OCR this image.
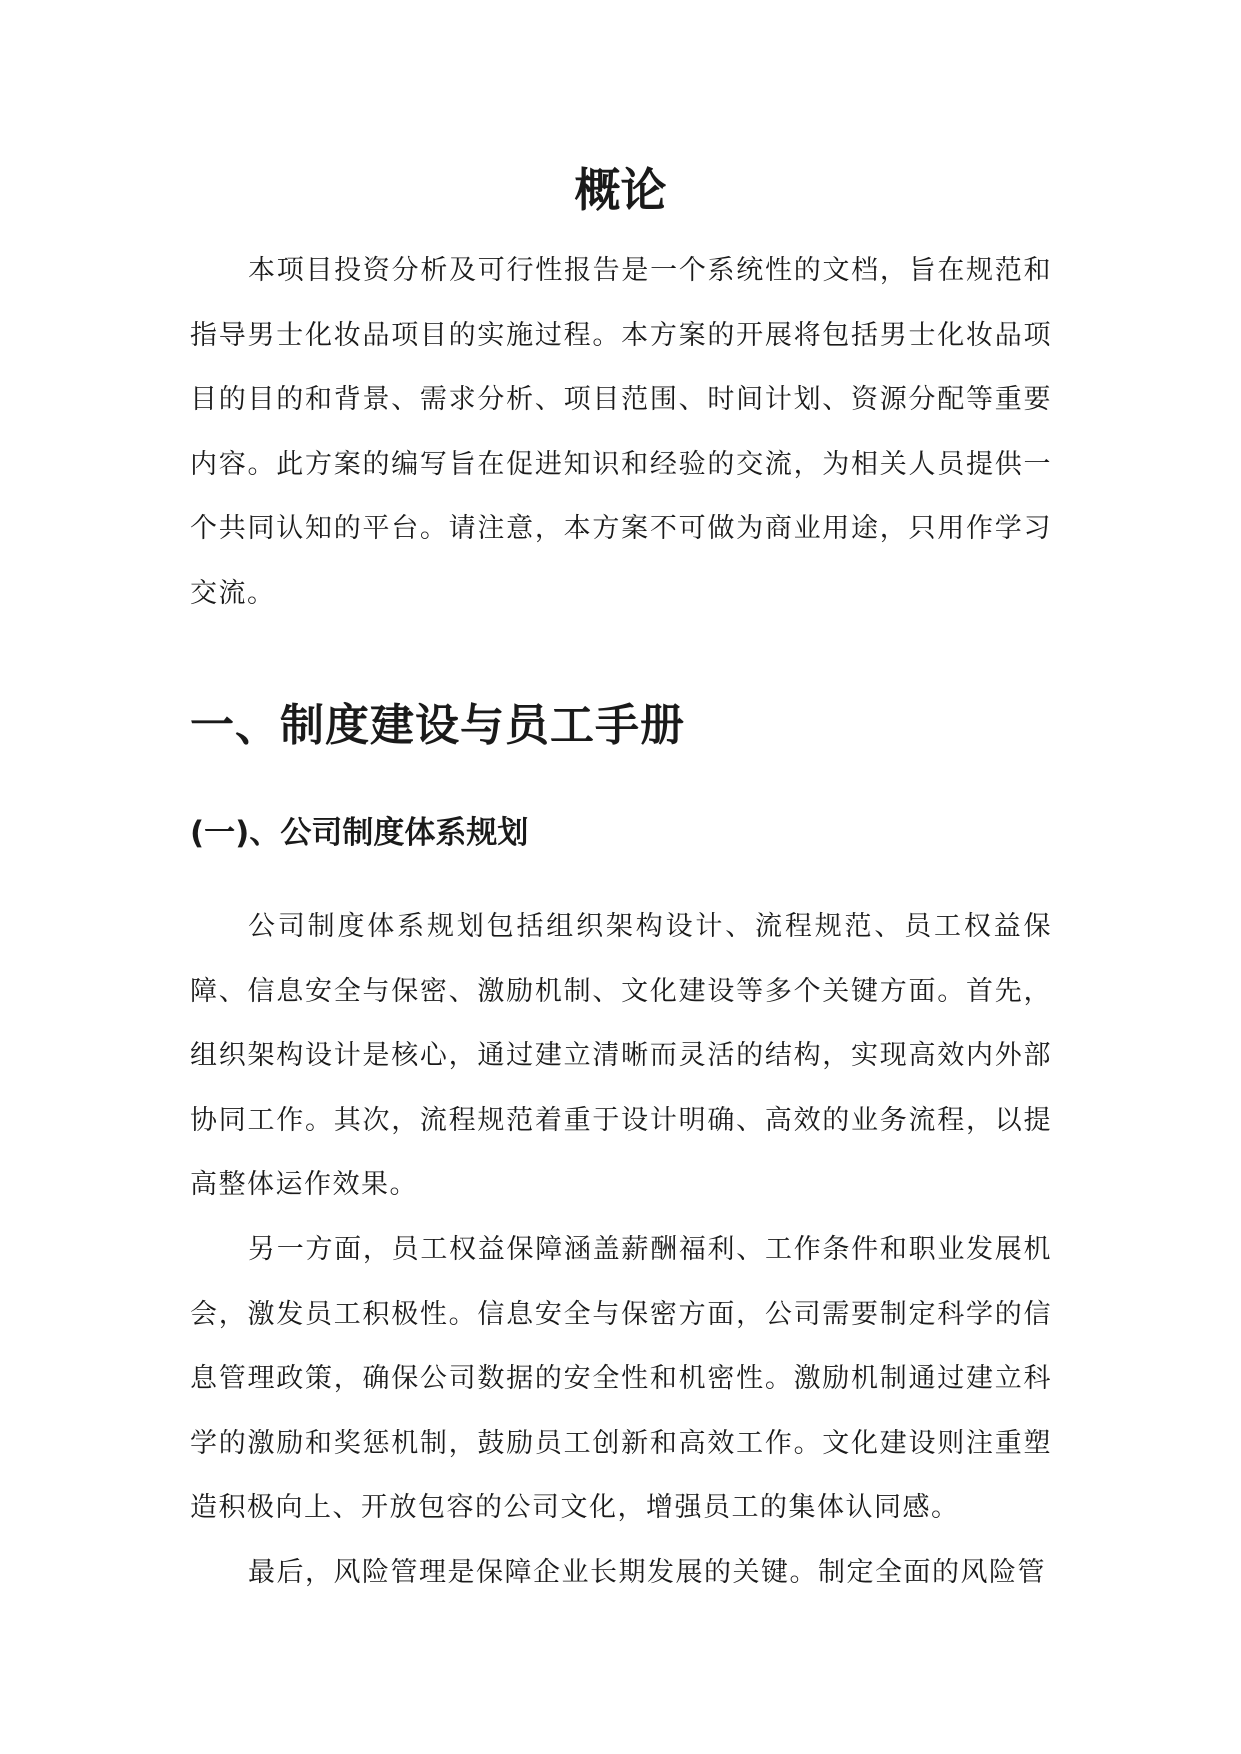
概论

本项目投资分析及可行性报告是一个系统性的文档，旨在规范和指导男士化妆品项目的实施过程。本方案的开展将包括男士化妆品项目的目的和背景、需求分析、项目范围、时间计划、资源分配等重要内容。此方案的编写旨在促进知识和经验的交流，为相关人员提供一个共同认知的平台。请注意，本方案不可做为商业用途，只用作学习交流。

一、制度建设与员工手册
(一)、公司制度体系规划

公司制度体系规划包括组织架构设计、流程规范、员工权益保障、信息安全与保密、激励机制、文化建设等多个关键方面。首先，组织架构设计是核心，通过建立清晰而灵活的结构，实现高效内外部协同工作。其次，流程规范着重于设计明确、高效的业务流程，以提高整体运作效果。

另一方面，员工权益保障涵盖薪酬福利、工作条件和职业发展机会，激发员工积极性。信息安全与保密方面，公司需要制定科学的信息管理政策，确保公司数据的安全性和机密性。激励机制通过建立科学的激励和奖惩机制，鼓励员工创新和高效工作。文化建设则注重塑造积极向上、开放包容的公司文化，增强员工的集体认同感。

最后，风险管理是保障企业长期发展的关键。制定全面的风险管
